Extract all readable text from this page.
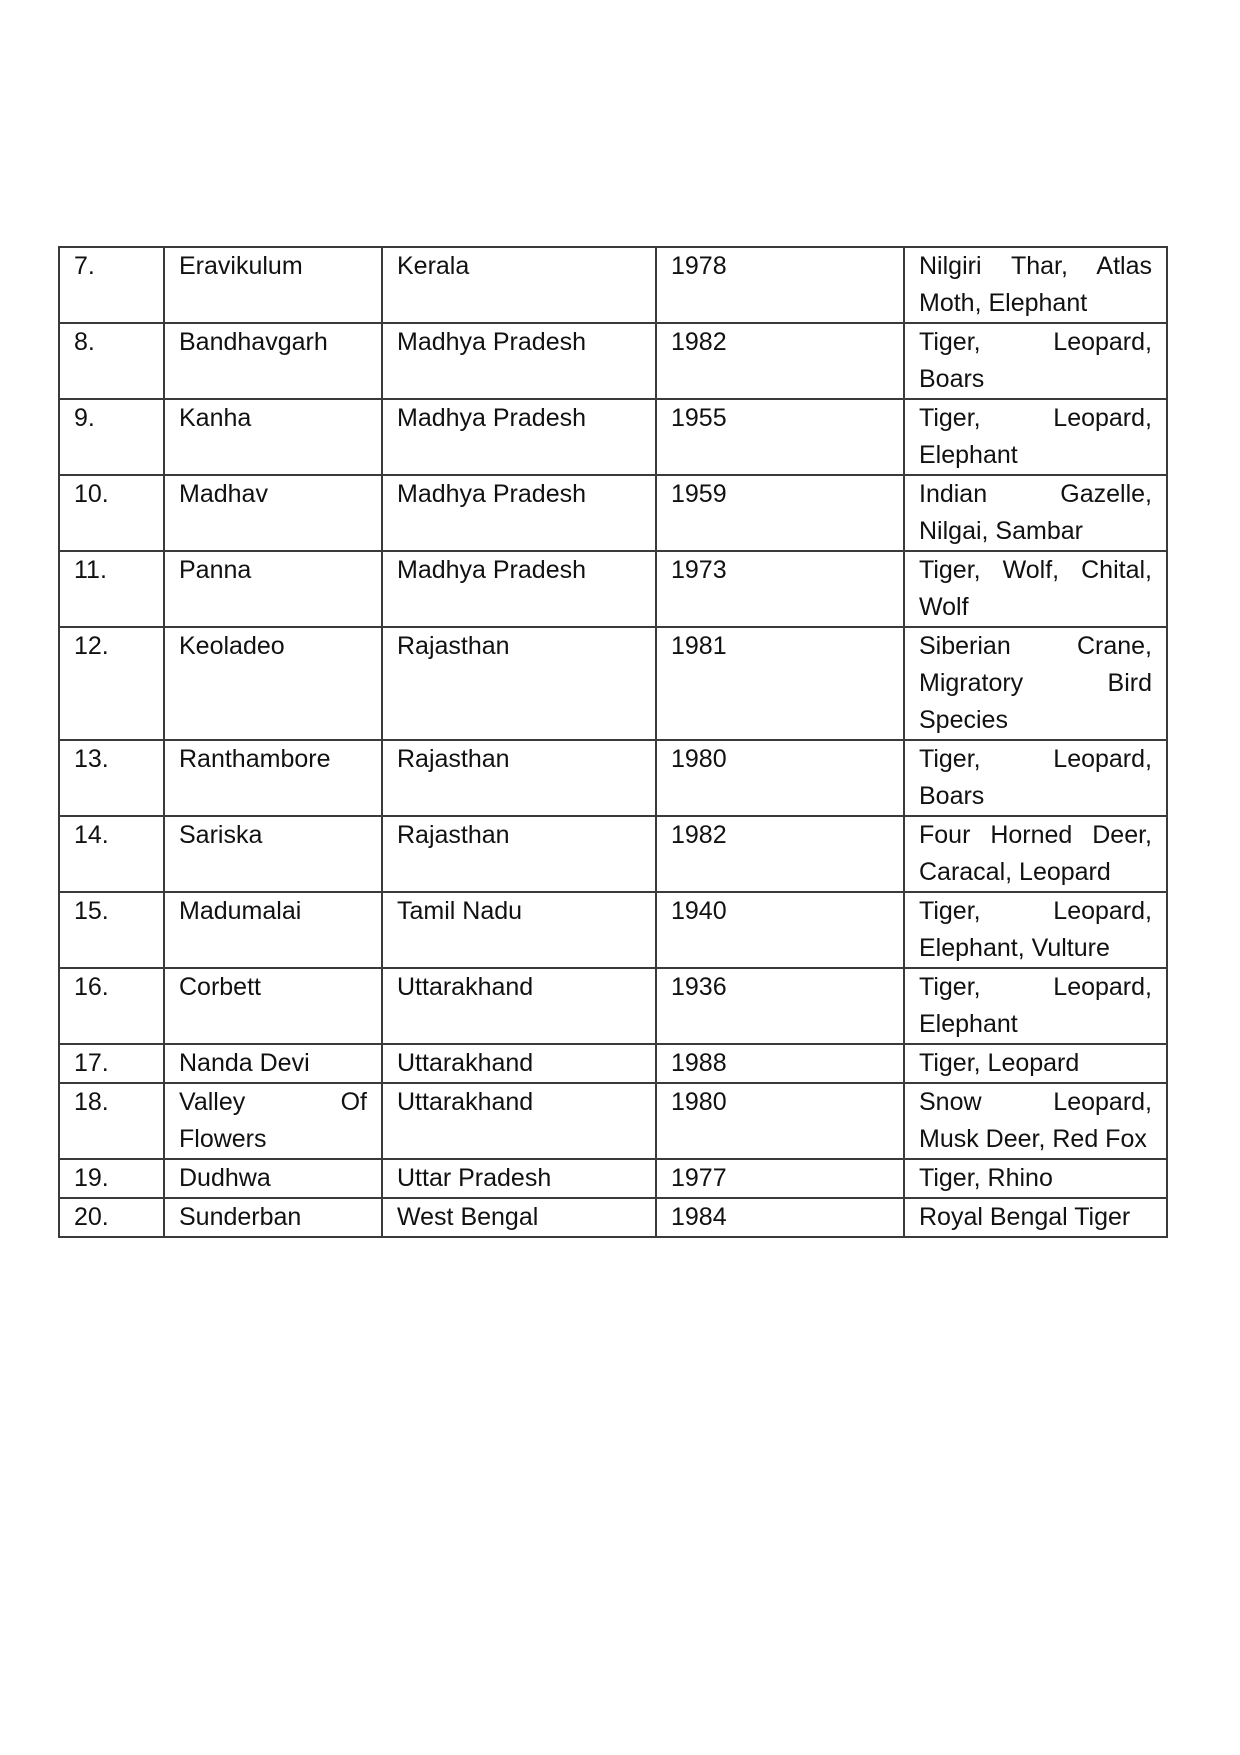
7.	Eravikulum	Kerala	1978	Nilgiri Thar, Atlas Moth, Elephant
8.	Bandhavgarh	Madhya Pradesh	1982	Tiger, Leopard, Boars
9.	Kanha	Madhya Pradesh	1955	Tiger, Leopard, Elephant
10.	Madhav	Madhya Pradesh	1959	Indian Gazelle, Nilgai, Sambar
11.	Panna	Madhya Pradesh	1973	Tiger, Wolf, Chital, Wolf
12.	Keoladeo	Rajasthan	1981	Siberian Crane, Migratory Bird Species
13.	Ranthambore	Rajasthan	1980	Tiger, Leopard, Boars
14.	Sariska	Rajasthan	1982	Four Horned Deer, Caracal, Leopard
15.	Madumalai	Tamil Nadu	1940	Tiger, Leopard, Elephant, Vulture
16.	Corbett	Uttarakhand	1936	Tiger, Leopard, Elephant
17.	Nanda Devi	Uttarakhand	1988	Tiger, Leopard
18.	Valley Of Flowers	Uttarakhand	1980	Snow Leopard, Musk Deer, Red Fox
19.	Dudhwa	Uttar Pradesh	1977	Tiger, Rhino
20.	Sunderban	West Bengal	1984	Royal Bengal Tiger
